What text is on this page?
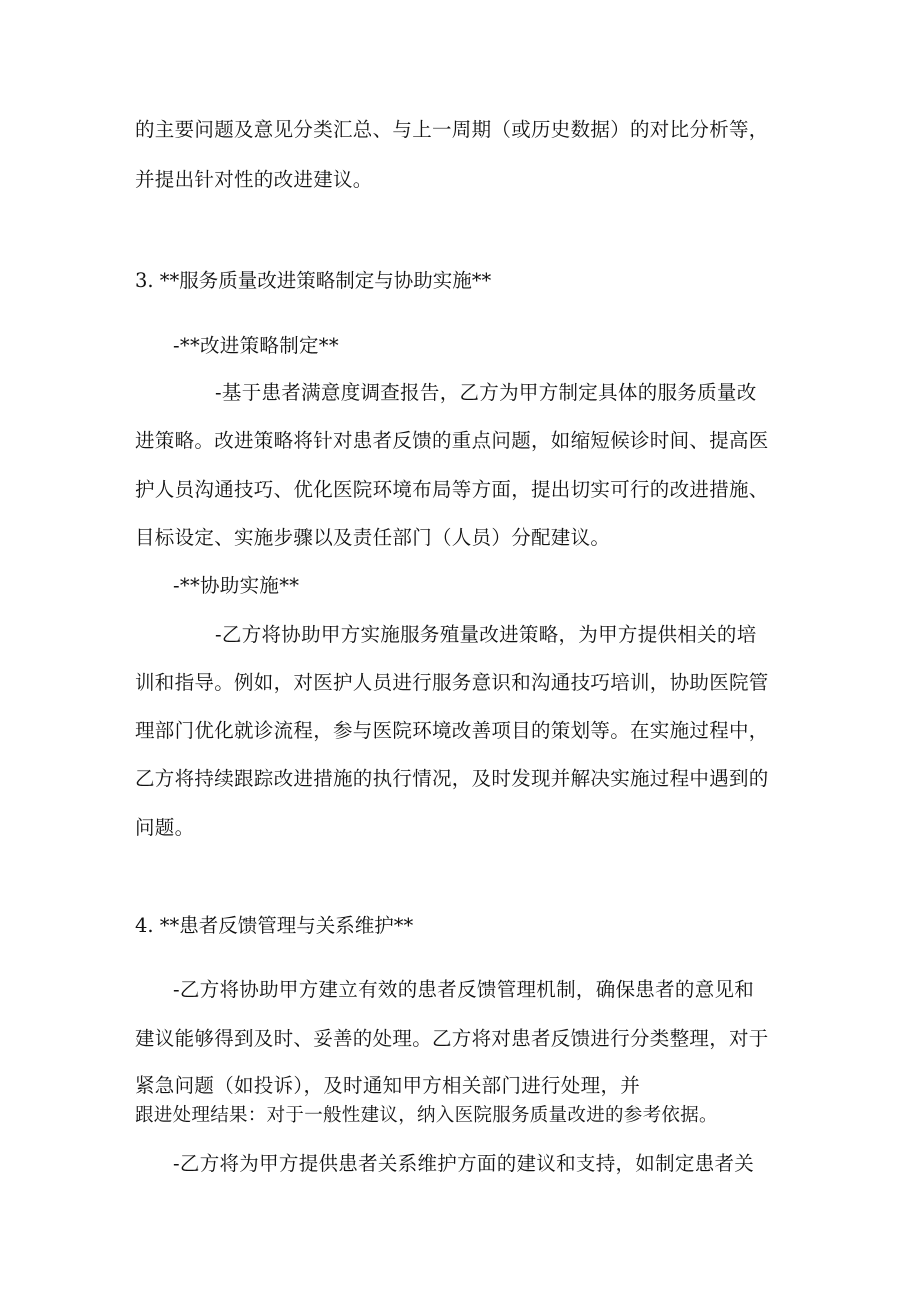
的主要问题及意见分类汇总、与上一周期（或历史数据）的对比分析等，
并提出针对性的改进建议。
3. **服务质量改进策略制定与协助实施**
-**改进策略制定**
-基于患者满意度调查报告，乙方为甲方制定具体的服务质量改
进策略。改进策略将针对患者反馈的重点问题，如缩短候诊时间、提高医
护人员沟通技巧、优化医院环境布局等方面，提出切实可行的改进措施、
目标设定、实施步骤以及责任部门（人员）分配建议。
-**协助实施**
-乙方将协助甲方实施服务殖量改进策略，为甲方提供相关的培
训和指导。例如，对医护人员进行服务意识和沟通技巧培训，协助医院管
理部门优化就诊流程，参与医院环境改善项目的策划等。在实施过程中，
乙方将持续跟踪改进措施的执行情况，及时发现并解决实施过程中遇到的
问题。
4. **患者反馈管理与关系维护**
-乙方将协助甲方建立有效的患者反馈管理机制，确保患者的意见和
建议能够得到及时、妥善的处理。乙方将对患者反馈进行分类整理，对于
紧急问题（如投诉），及时通知甲方相关部门进行处理，并
跟进处理结果：对于一般性建议，纳入医院服务质量改进的参考依据。
-乙方将为甲方提供患者关系维护方面的建议和支持，如制定患者关
